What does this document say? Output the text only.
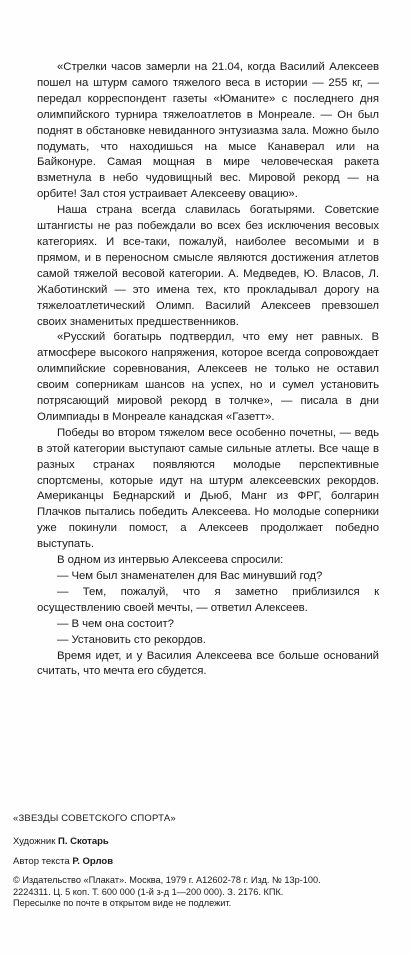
«Стрелки часов замерли на 21.04, когда Василий Алексеев пошел на штурм самого тяжелого веса в истории — 255 кг, — передал корреспондент газеты «Юманите» с последнего дня олимпийского турнира тяжелоатлетов в Монреале. — Он был поднят в обстановке невиданного энтузиазма зала. Можно было подумать, что находишься на мысе Канаверал или на Байконуре. Самая мощная в мире человеческая ракета взметнула в небо чудовищный вес. Мировой рекорд — на орбите! Зал стоя устраивает Алексееву овацию».

Наша страна всегда славилась богатырями. Советские штангисты не раз побеждали во всех без исключения весовых категориях. И все-таки, пожалуй, наиболее весомыми и в прямом, и в переносном смысле являются достижения атлетов самой тяжелой весовой категории. А. Медведев, Ю. Власов, Л. Жаботинский — это имена тех, кто прокладывал дорогу на тяжелоатлетический Олимп. Василий Алексеев превзошел своих знаменитых предшественников.

«Русский богатырь подтвердил, что ему нет равных. В атмосфере высокого напряжения, которое всегда сопровождает олимпийские соревнования, Алексеев не только не оставил своим соперникам шансов на успех, но и сумел установить потрясающий мировой рекорд в толчке», — писала в дни Олимпиады в Монреале канадская «Газетт».

Победы во втором тяжелом весе особенно почетны, — ведь в этой категории выступают самые сильные атлеты. Все чаще в разных странах появляются молодые перспективные спортсмены, которые идут на штурм алексеевских рекордов. Американцы Беднарский и Дьюб, Манг из ФРГ, болгарин Плачков пытались победить Алексеева. Но молодые соперники уже покинули помост, а Алексеев продолжает победно выступать.

В одном из интервью Алексеева спросили:

— Чем был знаменателен для Вас минувший год?

— Тем, пожалуй, что я заметно приблизился к осуществлению своей мечты, — ответил Алексеев.

— В чем она состоит?

— Установить сто рекордов.

Время идет, и у Василия Алексеева все больше оснований считать, что мечта его сбудется.

«ЗВЕЗДЫ СОВЕТСКОГО СПОРТА»

Художник П. Скотарь

Автор текста Р. Орлов

© Издательство «Плакат». Москва, 1979 г. А12602-78 г. Изд. № 13р-100.

2224311. Ц. 5 коп. Т. 600 000 (1-й з-д 1—200 000). З. 2176. КПК.

Пересылке по почте в открытом виде не подлежит.
